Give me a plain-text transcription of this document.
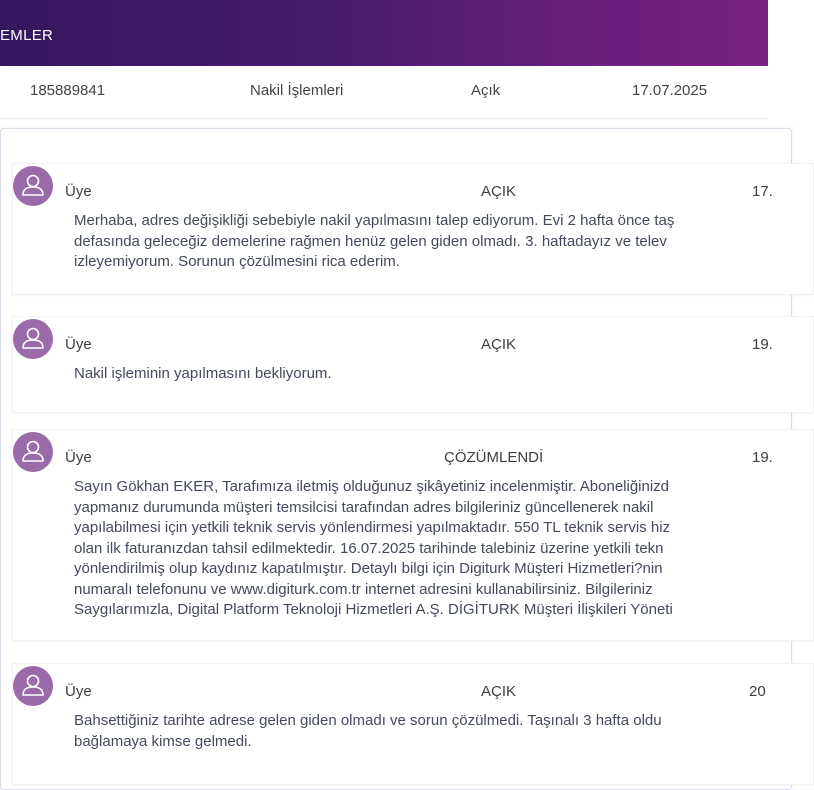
EMLER
185889841	Nakil İşlemleri	Açık	17.07.2025
Üye	AÇIK	17.
Merhaba, adres değişikliği sebebiyle nakil yapılmasını talep ediyorum. Evi 2 hafta önce taş
defasında geleceğiz demelerine rağmen henüz gelen giden olmadı. 3. haftadayız ve telev
izleyemiyorum. Sorunun çözülmesini rica ederim.
Üye	AÇIK	19.
Nakil işleminin yapılmasını bekliyorum.
Üye	ÇÖZÜMLENDİ	19.
Sayın Gökhan EKER, Tarafımıza iletmiş olduğunuz şikâyetiniz incelenmiştir. Aboneliğinizd
yapmanız durumunda müşteri temsilcisi tarafından adres bilgileriniz güncellenerek nakil
yapılabilmesi için yetkili teknik servis yönlendirmesi yapılmaktadır. 550 TL teknik servis hiz
olan ilk faturanızdan tahsil edilmektedir. 16.07.2025 tarihinde talebiniz üzerine yetkili tekn
yönlendirilmiş olup kaydınız kapatılmıştır. Detaylı bilgi için Digiturk Müşteri Hizmetleri?nin
numaralı telefonunu ve www.digiturk.com.tr internet adresini kullanabilirsiniz. Bilgileriniz
Saygılarımızla, Digital Platform Teknoloji Hizmetleri A.Ş. DİGİTURK Müşteri İlişkileri Yöneti
Üye	AÇIK	20
Bahsettiğiniz tarihte adrese gelen giden olmadı ve sorun çözülmedi. Taşınalı 3 hafta oldu
bağlamaya kimse gelmedi.
